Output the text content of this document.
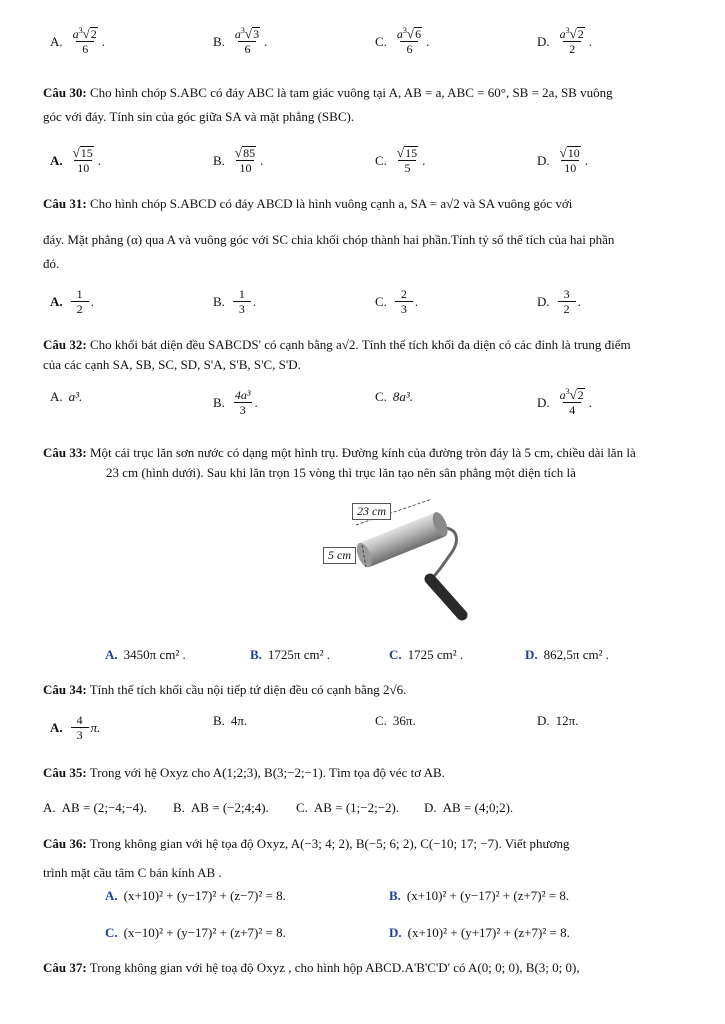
A. $\frac{a^3 √ 2}{6}$ .	B. $\frac{a^3 √ 3}{6}$ .	C. $\frac{a^3 √ 6}{6}$ .	D. $\frac{a^3 √ 2}{2}$ .
Câu 30: Cho hình chóp S.ABC có đáy ABC là tam giác vuông tại A, AB = a, ABC = 60°, SB = 2a, SB vuông
góc với đáy. Tính sin của góc giữa SA và mặt phẳng (SBC).
A. $\frac{√ 15}{10}$ .	B. $\frac{√ 85}{10}$ .	C. $\frac{√ 15}{5}$ .	D. $\frac{√ 10}{10}$ .
Câu 31: Cho hình chóp S.ABCD có đáy ABCD là hình vuông cạnh a, SA = a√2 và SA vuông góc với
đáy. Mặt phẳng (α) qua A và vuông góc với SC chia khối chóp thành hai phần.Tính tỷ số thể tích của hai phần
đó.
A. $\frac{1}{2}$ .	B. $\frac{1}{3}$ .	C. $\frac{2}{3}$ .	D. $\frac{3}{2}$ .
Câu 32: Cho khối bát diện đều SABCDS' có cạnh bằng a√2. Tính thể tích khối đa diện có các đỉnh là trung điểm
của các cạnh SA, SB, SC, SD, S'A, S'B, S'C, S'D.
A. a³.	B. $\frac{\text{4a³}}{3}$ .	C. 8a³.	D. $\frac{a^3 √ 2}{4}$ .
Câu 33: Một cái trục lăn sơn nước có dạng một hình trụ. Đường kính của đường tròn đáy là 5 cm, chiều dài lăn là
23 cm (hình dưới). Sau khi lăn trọn 15 vòng thì trục lăn tạo nên sân phẳng một diện tích là
23 cm
5 cm
A. 3450π cm² .	B. 1725π cm² .	C. 1725 cm² .	D. 862,5π cm² .
Câu 34: Tính thể tích khối cầu nội tiếp tứ diện đều có cạnh bằng 2√6.
A. $\frac{4}{3} \pi$.	B. 4π.	C. 36π.	D. 12π.
Câu 35: Trong với hệ Oxyz cho A(1;2;3), B(3;−2;−1). Tìm tọa độ véc tơ AB.
A. AB = (2;−4;−4). B. AB = (−2;4;4). C. AB = (1;−2;−2). D. AB = (4;0;2).
Câu 36: Trong không gian với hệ tọa độ Oxyz, A(−3; 4; 2), B(−5; 6; 2), C(−10; 17; −7). Viết phương
trình mặt cầu tâm C bán kính AB .
A. (x+10)² + (y−17)² + (z−7)² = 8.	B. (x+10)² + (y−17)² + (z+7)² = 8.
C. (x−10)² + (y−17)² + (z+7)² = 8.	D. (x+10)² + (y+17)² + (z+7)² = 8.
Câu 37: Trong không gian với hệ toạ độ Oxyz , cho hình hộp ABCD.A'B'C'D' có A(0; 0; 0), B(3; 0; 0),
